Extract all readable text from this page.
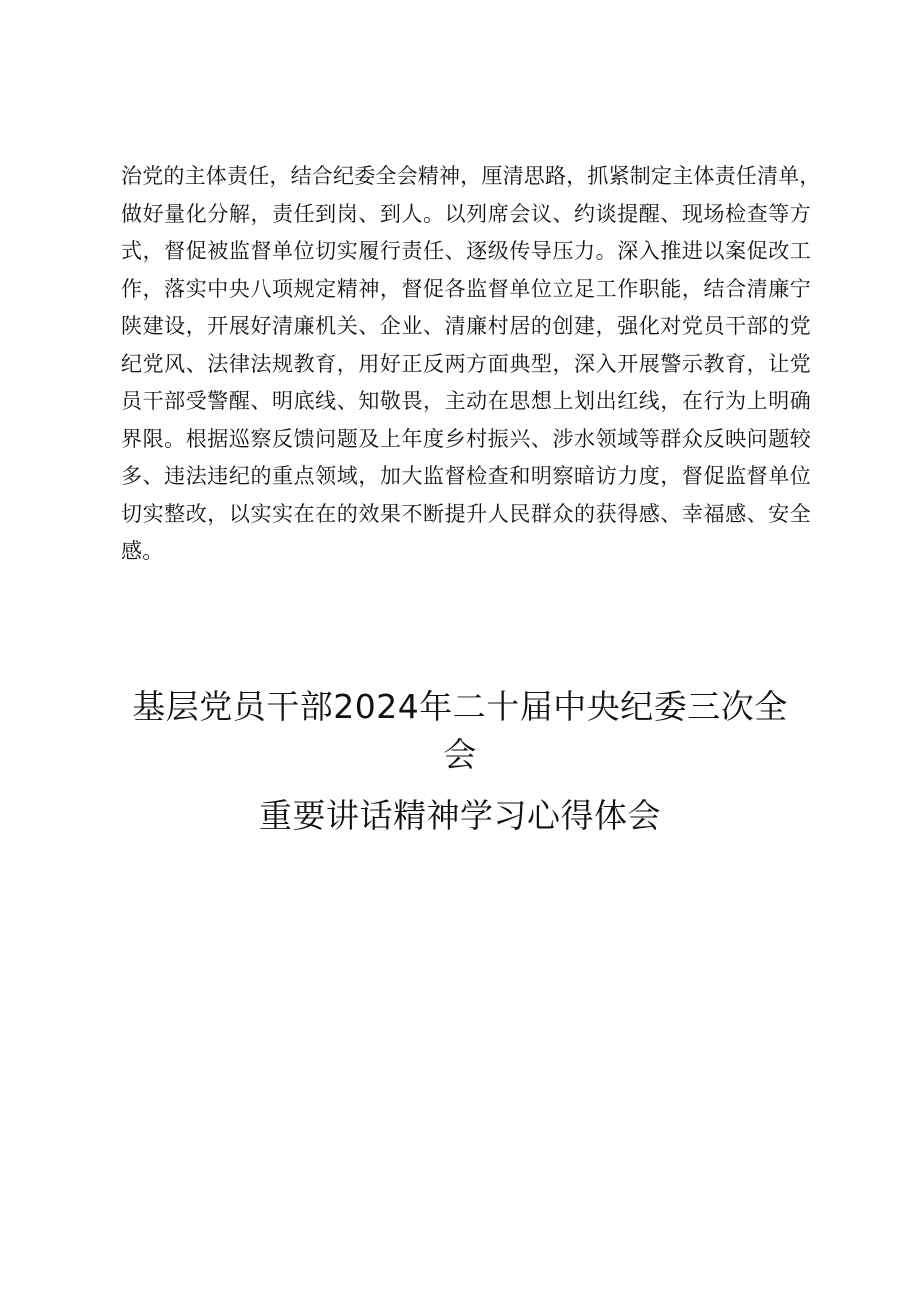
治党的主体责任，结合纪委全会精神，厘清思路，抓紧制定主体责任清单，
做好量化分解，责任到岗、到人。以列席会议、约谈提醒、现场检查等方
式，督促被监督单位切实履行责任、逐级传导压力。深入推进以案促改工
作，落实中央八项规定精神，督促各监督单位立足工作职能，结合清廉宁
陕建设，开展好清廉机关、企业、清廉村居的创建，强化对党员干部的党
纪党风、法律法规教育，用好正反两方面典型，深入开展警示教育，让党
员干部受警醒、明底线、知敬畏，主动在思想上划出红线，在行为上明确
界限。根据巡察反馈问题及上年度乡村振兴、涉水领域等群众反映问题较
多、违法违纪的重点领域，加大监督检查和明察暗访力度，督促监督单位
切实整改，以实实在在的效果不断提升人民群众的获得感、幸福感、安全
感。
基层党员干部2024年二十届中央纪委三次全
会
重要讲话精神学习心得体会
